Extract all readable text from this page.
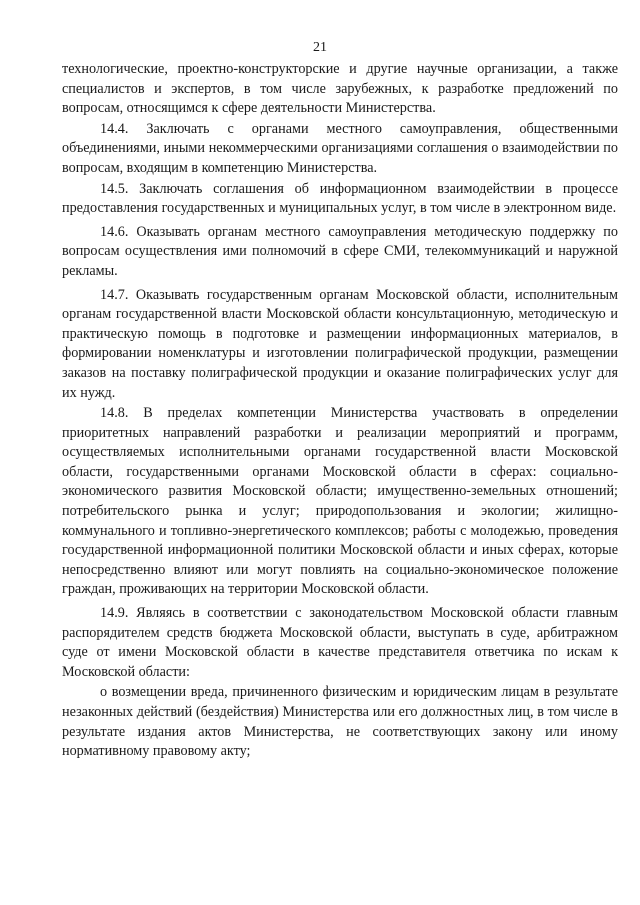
21

технологические, проектно-конструкторские и другие научные организации, а также специалистов и экспертов, в том числе зарубежных, к разработке предложений по вопросам, относящимся к сфере деятельности Министерства.

14.4. Заключать с органами местного самоуправления, общественными объединениями, иными некоммерческими организациями соглашения о взаимодействии по вопросам, входящим в компетенцию Министерства.

14.5. Заключать соглашения об информационном взаимодействии в процессе предоставления государственных и муниципальных услуг, в том числе в электронном виде.

14.6. Оказывать органам местного самоуправления методическую поддержку по вопросам осуществления ими полномочий в сфере СМИ, телекоммуникаций и наружной рекламы.

14.7. Оказывать государственным органам Московской области, исполнительным органам государственной власти Московской области консультационную, методическую и практическую помощь в подготовке и размещении информационных материалов, в формировании номенклатуры и изготовлении полиграфической продукции, размещении заказов на поставку полиграфической продукции и оказание полиграфических услуг для их нужд.

14.8. В пределах компетенции Министерства участвовать в определении приоритетных направлений разработки и реализации мероприятий и программ, осуществляемых исполнительными органами государственной власти Московской области, государственными органами Московской области в сферах: социально-экономического развития Московской области; имущественно-земельных отношений; потребительского рынка и услуг; природопользования и экологии; жилищно-коммунального и топливно-энергетического комплексов; работы с молодежью, проведения государственной информационной политики Московской области и иных сферах, которые непосредственно влияют или могут повлиять на социально-экономическое положение граждан, проживающих на территории Московской области.

14.9. Являясь в соответствии с законодательством Московской области главным распорядителем средств бюджета Московской области, выступать в суде, арбитражном суде от имени Московской области в качестве представителя ответчика по искам к Московской области:

о возмещении вреда, причиненного физическим и юридическим лицам в результате незаконных действий (бездействия) Министерства или его должностных лиц, в том числе в результате издания актов Министерства, не соответствующих закону или иному нормативному правовому акту;
